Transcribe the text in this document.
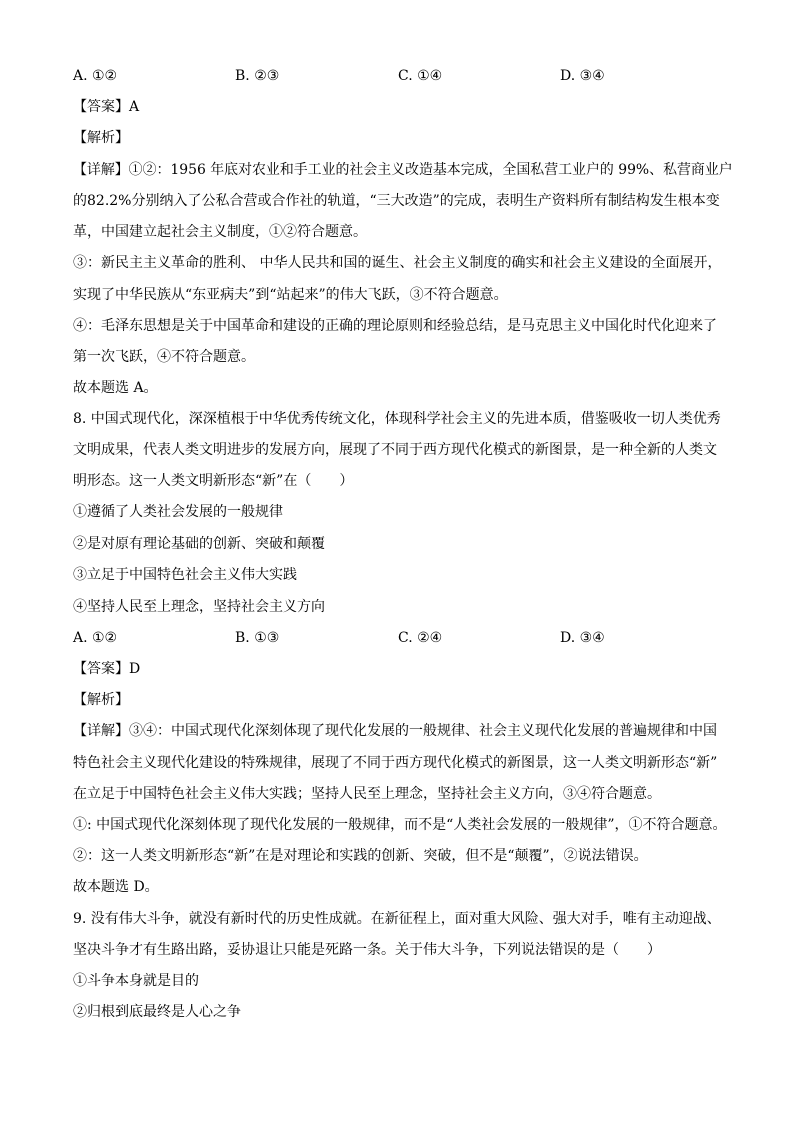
A. ①②	B. ②③	C. ①④	D. ③④
【答案】A
【解析】
【详解】①②：1956 年底对农业和手工业的社会主义改造基本完成，全国私营工业户的 99%、私营商业户
的82.2%分别纳入了公私合营或合作社的轨道，“三大改造”的完成，表明生产资料所有制结构发生根本变
革，中国建立起社会主义制度，①②符合题意。
③：新民主主义革命的胜利、 中华人民共和国的诞生、社会主义制度的确实和社会主义建设的全面展开，
实现了中华民族从“东亚病夫”到“站起来”的伟大飞跃，③不符合题意。
④：毛泽东思想是关于中国革命和建设的正确的理论原则和经验总结，是马克思主义中国化时代化迎来了
第一次飞跃，④不符合题意。
故本题选 A。
8. 中国式现代化，深深植根于中华优秀传统文化，体现科学社会主义的先进本质，借鉴吸收一切人类优秀
文明成果，代表人类文明进步的发展方向，展现了不同于西方现代化模式的新图景，是一种全新的人类文
明形态。这一人类文明新形态“新”在（　　）
①遵循了人类社会发展的一般规律
②是对原有理论基础的创新、突破和颠覆
③立足于中国特色社会主义伟大实践
④坚持人民至上理念，坚持社会主义方向
A. ①②	B. ①③	C. ②④	D. ③④
【答案】D
【解析】
【详解】③④：中国式现代化深刻体现了现代化发展的一般规律、社会主义现代化发展的普遍规律和中国
特色社会主义现代化建设的特殊规律，展现了不同于西方现代化模式的新图景，这一人类文明新形态“新”
在立足于中国特色社会主义伟大实践；坚持人民至上理念，坚持社会主义方向，③④符合题意。
①: 中国式现代化深刻体现了现代化发展的一般规律，而不是“人类社会发展的一般规律”，①不符合题意。
②：这一人类文明新形态“新”在是对理论和实践的创新、突破，但不是“颠覆”，②说法错误。
故本题选 D。
9. 没有伟大斗争，就没有新时代的历史性成就。在新征程上，面对重大风险、强大对手，唯有主动迎战、
坚决斗争才有生路出路，妥协退让只能是死路一条。关于伟大斗争，下列说法错误的是（　　）
①斗争本身就是目的
②归根到底最终是人心之争
